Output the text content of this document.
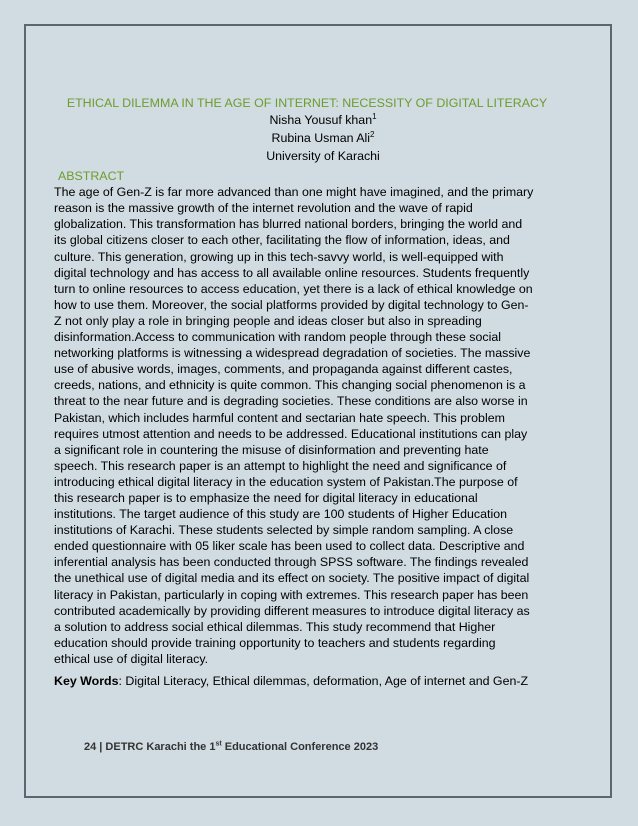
ETHICAL DILEMMA IN THE AGE OF INTERNET: NECESSITY OF DIGITAL LITERACY
Nisha Yousuf khan$^1$
Rubina Usman Ali$^2$
University of Karachi
ABSTRACT

The age of Gen-Z is far more advanced than one might have imagined, and the primary

reason is the massive growth of the internet revolution and the wave of rapid

globalization. This transformation has blurred national borders, bringing the world and

its global citizens closer to each other, facilitating the flow of information, ideas, and

culture. This generation, growing up in this tech-savvy world, is well-equipped with

digital technology and has access to all available online resources. Students frequently

turn to online resources to access education, yet there is a lack of ethical knowledge on

how to use them. Moreover, the social platforms provided by digital technology to Gen-

Z not only play a role in bringing people and ideas closer but also in spreading

disinformation.Access to communication with random people through these social

networking platforms is witnessing a widespread degradation of societies. The massive

use of abusive words, images, comments, and propaganda against different castes,

creeds, nations, and ethnicity is quite common. This changing social phenomenon is a

threat to the near future and is degrading societies. These conditions are also worse in

Pakistan, which includes harmful content and sectarian hate speech. This problem

requires utmost attention and needs to be addressed. Educational institutions can play

a significant role in countering the misuse of disinformation and preventing hate

speech. This research paper is an attempt to highlight the need and significance of

introducing ethical digital literacy in the education system of Pakistan.The purpose of

this research paper is to emphasize the need for digital literacy in educational

institutions. The target audience of this study are 100 students of Higher Education

institutions of Karachi. These students selected by simple random sampling. A close

ended questionnaire with 05 liker scale has been used to collect data. Descriptive and

inferential analysis has been conducted through SPSS software. The findings revealed

the unethical use of digital media and its effect on society. The positive impact of digital

literacy in Pakistan, particularly in coping with extremes. This research paper has been

contributed academically by providing different measures to introduce digital literacy as

a solution to address social ethical dilemmas. This study recommend that Higher

education should provide training opportunity to teachers and students regarding

ethical use of digital literacy.

Key Words: Digital Literacy, Ethical dilemmas, deformation, Age of internet and Gen-Z
24 | DETRC Karachi the 1st Educational Conference 2023
